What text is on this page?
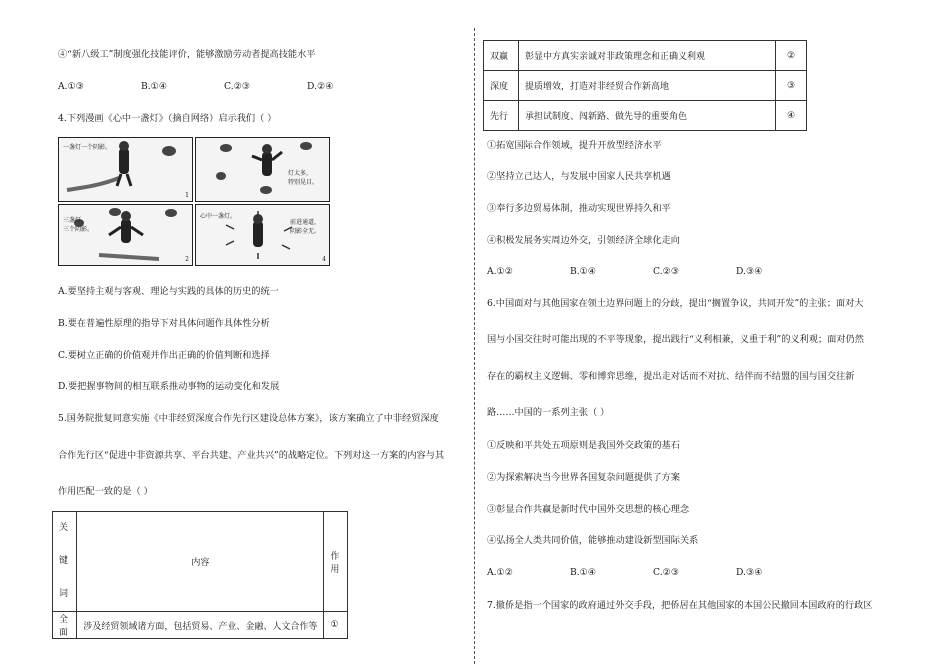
④“新八级工”制度强化技能评价，能够激励劳动者提高技能水平
A.①③	B.①④	C.②③	D.②④
4.下列漫画《心中一盏灯》（摘自网络）启示我们（ ）
一盏灯一个阴影。
1
灯太多，
特别晃目。
三盏灯，
三个阴影。
2
心中一盏灯。
前进通道，
阴影全无。
4
A.要坚持主观与客观、理论与实践的具体的历史的统一
B.要在普遍性原理的指导下对具体问题作具体性分析
C.要树立正确的价值观并作出正确的价值判断和选择
D.要把握事物间的相互联系推动事物的运动变化和发展
5.国务院批复同意实施《中非经贸深度合作先行区建设总体方案》，该方案确立了中非经贸深度
合作先行区“促进中非资源共享、平台共建、产业共兴”的战略定位。下列对这一方案的内容与其
作用匹配一致的是（ ）
关键
词	内容	作用
全面	涉及经贸领域诸方面，包括贸易、产业、金融、人文合作等	①
双赢	彰显中方真实亲诚对非政策理念和正确义利观	②
深度	提质增效，打造对非经贸合作新高地	③
先行	承担试制度、闯新路、做先导的重要角色	④
①拓宽国际合作领域，提升开放型经济水平
②坚持立己达人，与发展中国家人民共享机遇
③奉行多边贸易体制，推动实现世界持久和平
④积极发展务实周边外交，引领经济全球化走向
A.①②	B.①④	C.②③	D.③④
6.中国面对与其他国家在领土边界问题上的分歧，提出“搁置争议，共同开发”的主张；面对大
国与小国交往时可能出现的不平等现象，提出践行“义利相兼，义重于利”的义利观；面对仍然
存在的霸权主义逻辑、零和博弈思维，提出走对话而不对抗、结伴而不结盟的国与国交往新
路……中国的一系列主张（ ）
①反映和平共处五项原则是我国外交政策的基石
②为探索解决当今世界各国复杂问题提供了方案
③彰显合作共赢是新时代中国外交思想的核心理念
④弘扬全人类共同价值，能够推动建设新型国际关系
A.①②	B.①④	C.②③	D.③④
7.撤侨是指一个国家的政府通过外交手段，把侨居在其他国家的本国公民撤回本国政府的行政区
